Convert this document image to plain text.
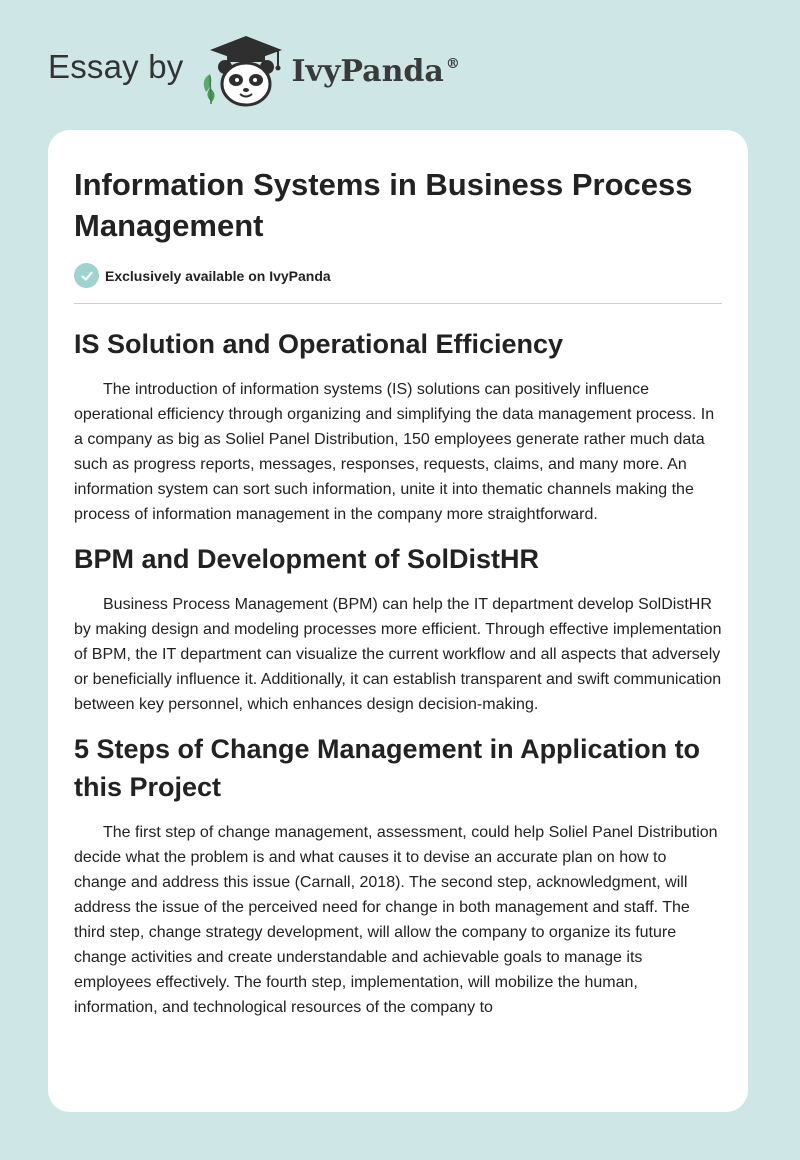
Essay by	IvyPanda ®
Information Systems in Business Process Management
Exclusively available on IvyPanda
IS Solution and Operational Efficiency

The introduction of information systems (IS) solutions can positively influence operational efficiency through organizing and simplifying the data management process. In a company as big as Soliel Panel Distribution, 150 employees generate rather much data such as progress reports, messages, responses, requests, claims, and many more. An information system can sort such information, unite it into thematic channels making the process of information management in the company more straightforward.

BPM and Development of SolDistHR

Business Process Management (BPM) can help the IT department develop SolDistHR by making design and modeling processes more efficient. Through effective implementation of BPM, the IT department can visualize the current workflow and all aspects that adversely or beneficially influence it. Additionally, it can establish transparent and swift communication between key personnel, which enhances design decision-making.

5 Steps of Change Management in Application to this Project

The first step of change management, assessment, could help Soliel Panel Distribution decide what the problem is and what causes it to devise an accurate plan on how to change and address this issue (Carnall, 2018). The second step, acknowledgment, will address the issue of the perceived need for change in both management and staff. The third step, change strategy development, will allow the company to organize its future change activities and create understandable and achievable goals to manage its employees effectively. The fourth step, implementation, will mobilize the human, information, and technological resources of the company to
